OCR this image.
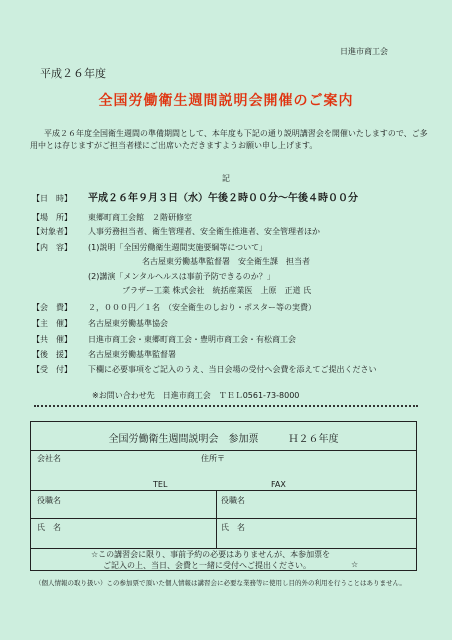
日進市商工会
平成２６年度
全国労働衛生週間説明会開催のご案内
平成２６年度全国衛生週間の準備期間として、本年度も下記の通り説明講習会を開催いたしますので、ご多用中とは存じますがご担当者様にご出席いただきますようお願い申し上げます。
記
【日　時】	平成２６年９月３日（水）午後２時００分～午後４時００分
【場　所】	東郷町商工会館　２階研修室
【対象者】	人事労務担当者、衛生管理者、安全衛生推進者、安全管理者ほか
【内　容】	(1)説明「全国労働衛生週間実施要綱等について」
名古屋東労働基準監督署　安全衛生課　担当者
(2)講演「メンタルヘルスは事前予防できるのか？」
ブラザー工業 株式会社　統括産業医　上原　正道 氏
【会　費】	２，０００円／１名　（安全衛生のしおり・ポスター等の実費）
【主　催】	名古屋東労働基準協会
【共　催】	日進市商工会・東郷町商工会・豊明市商工会・有松商工会
【後　援】	名古屋東労働基準監督署
【受　付】	下欄に必要事項をご記入のうえ、当日会場の受付へ会費を添えてご提出ください
※お問い合わせ先　日進市商工会　ＴＥＬ0561-73-8000
全国労働衛生週間説明会　参加票　　　Ｈ２６年度
会社名	住所〒
TEL	FAX
役職名	役職名
氏　名	氏　名
☆この講習会に限り、事前予約の必要はありませんが、本参加票を
ご記入の上、当日、会費と一緒に受付へご提出ください。	☆
（個人情報の取り扱い）この参加票で頂いた個人情報は講習会に必要な業務等に使用し目的外の利用を行うことはありません。
